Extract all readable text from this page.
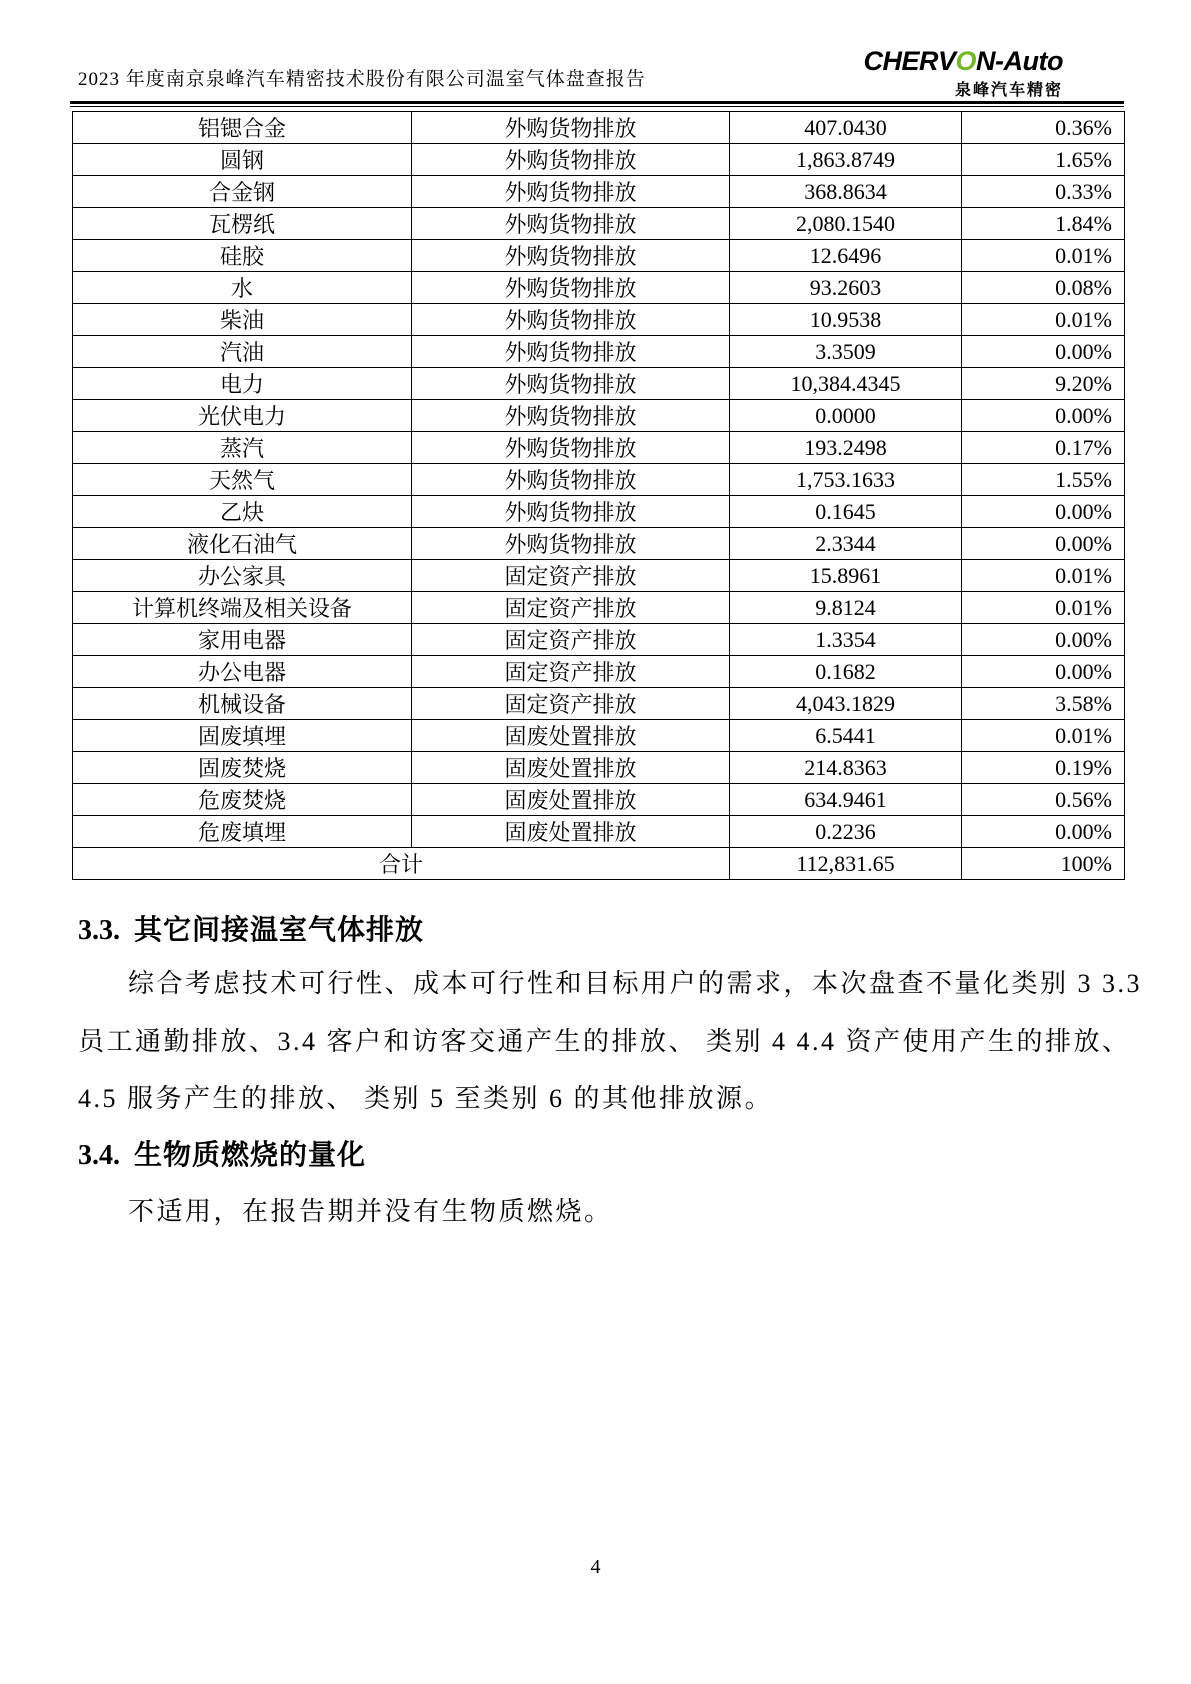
2023 年度南京泉峰汽车精密技术股份有限公司温室气体盘查报告
CHERVON-Auto
泉峰汽车精密
铝锶合金	外购货物排放	407.0430	0.36%
圆钢	外购货物排放	1,863.8749	1.65%
合金钢	外购货物排放	368.8634	0.33%
瓦楞纸	外购货物排放	2,080.1540	1.84%
硅胶	外购货物排放	12.6496	0.01%
水	外购货物排放	93.2603	0.08%
柴油	外购货物排放	10.9538	0.01%
汽油	外购货物排放	3.3509	0.00%
电力	外购货物排放	10,384.4345	9.20%
光伏电力	外购货物排放	0.0000	0.00%
蒸汽	外购货物排放	193.2498	0.17%
天然气	外购货物排放	1,753.1633	1.55%
乙炔	外购货物排放	0.1645	0.00%
液化石油气	外购货物排放	2.3344	0.00%
办公家具	固定资产排放	15.8961	0.01%
计算机终端及相关设备	固定资产排放	9.8124	0.01%
家用电器	固定资产排放	1.3354	0.00%
办公电器	固定资产排放	0.1682	0.00%
机械设备	固定资产排放	4,043.1829	3.58%
固废填埋	固废处置排放	6.5441	0.01%
固废焚烧	固废处置排放	214.8363	0.19%
危废焚烧	固废处置排放	634.9461	0.56%
危废填埋	固废处置排放	0.2236	0.00%
合计		112,831.65	100%
3.3. 其它间接温室气体排放
综合考虑技术可行性、成本可行性和目标用户的需求，本次盘查不量化类别 3 3.3
员工通勤排放、3.4 客户和访客交通产生的排放、 类别 4 4.4 资产使用产生的排放、
4.5 服务产生的排放、 类别 5 至类别 6 的其他排放源。
3.4. 生物质燃烧的量化
不适用，在报告期并没有生物质燃烧。
4
